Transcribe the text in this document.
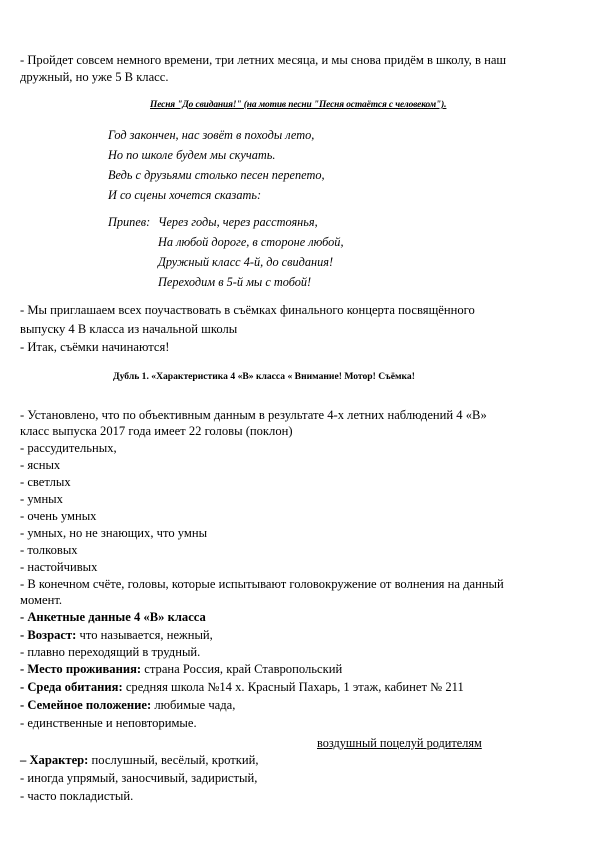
- Пройдет совсем немного времени, три летних месяца, и мы снова придём в школу, в наш
дружный, но уже 5 В класс.
Песня "До свидания!" (на мотив песни "Песня остаётся с человеком").
Год закончен, нас зовёт в походы лето,
Но по школе будем мы скучать.
Ведь с друзьями столько песен перепето,
И со сцены хочется сказать:
Припев: Через годы, через расстоянья,
На любой дороге, в стороне любой,
Дружный класс 4-й, до свидания!
Переходим в 5-й мы с тобой!
- Мы приглашаем всех поучаствовать в съёмках финального концерта посвящённого
выпуску 4 В класса из начальной школы
- Итак, съёмки начинаются!
Дубль 1. «Характеристика 4 «В» класса « Внимание! Мотор! Съёмка!
- Установлено, что по объективным данным в результате 4-х летних наблюдений 4 «В»
класс выпуска 2017 года имеет 22 головы (поклон)
- рассудительных,
- ясных
- светлых
- умных
- очень умных
- умных, но не знающих, что умны
- толковых
- настойчивых
- В конечном счёте, головы, которые испытывают головокружение от волнения на данный
момент.
- Анкетные данные 4 «В» класса
- Возраст: что называется, нежный,
- плавно переходящий в трудный.
- Место проживания: страна Россия, край Ставропольский
- Среда обитания: средняя школа №14 х. Красный Пахарь, 1 этаж, кабинет № 211
- Семейное положение: любимые чада,
- единственные и неповторимые.
воздушный поцелуй родителям
– Характер: послушный, весёлый, кроткий,
- иногда упрямый, заносчивый, задиристый,
- часто покладистый.
